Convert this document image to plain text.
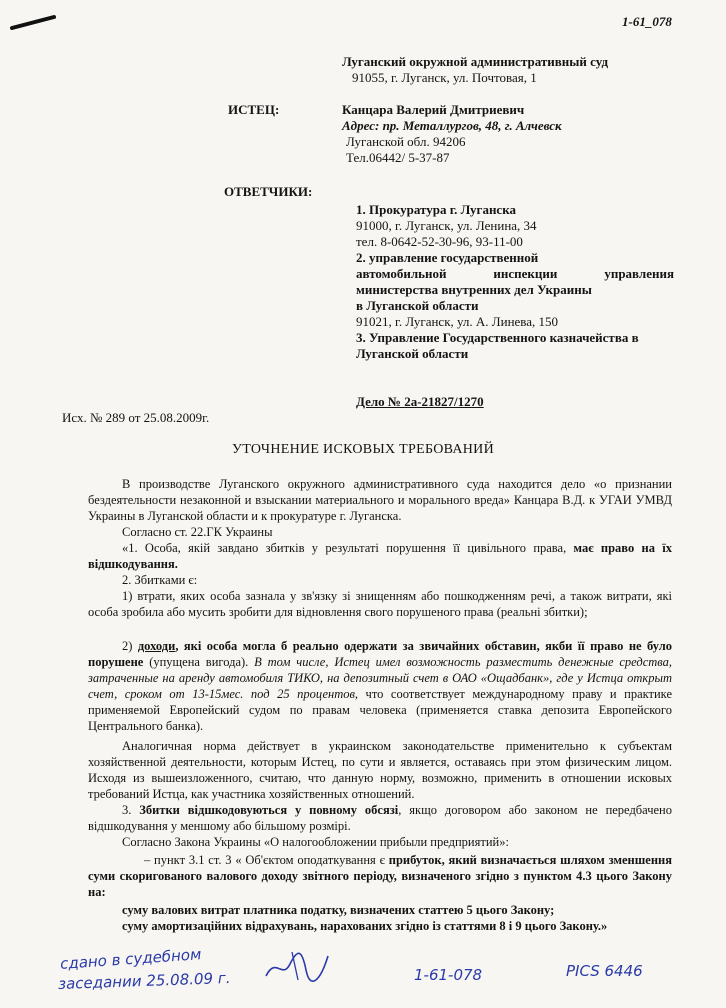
1-61_078
Луганский окружной административный суд
91055, г. Луганск, ул. Почтовая, 1
ИСТЕЦ:	Канцара Валерий Дмитриевич
Адрес: пр. Металлургов, 48, г. Алчевск
Луганской обл. 94206
Тел.06442/ 5-37-87
ОТВЕТЧИКИ:
1. Прокуратура г. Луганска
91000, г. Луганск, ул. Ленина, 34
тел. 8-0642-52-30-96, 93-11-00
2. управление государственной
автомобильной	инспекции	управления
министерства внутренних дел Украины
в Луганской области
91021, г. Луганск, ул. А. Линева, 150
3. Управление Государственного казначейства в
Луганской области
Дело № 2а-21827/1270
Исх. № 289 от 25.08.2009г.
УТОЧНЕНИЕ ИСКОВЫХ ТРЕБОВАНИЙ
В производстве Луганского окружного административного суда находится дело «о признании бездеятельности незаконной и взыскании материального и морального вреда» Канцара В.Д. к УГАИ УМВД Украины в Луганской области и к прокуратуре г. Луганска.
Согласно ст. 22.ГК Украины
«1. Особа, якій завдано збитків у результаті порушення її цивільного права, має право на їх відшкодування.
2. Збитками є:
1) втрати, яких особа зазнала у зв'язку зі знищенням або пошкодженням речі, а також витрати, які особа зробила або мусить зробити для відновлення свого порушеного права (реальні збитки);
2) доходи, які особа могла б реально одержати за звичайних обставин, якби її право не було порушене (упущена вигода). В том числе, Истец имел возможность разместить денежные средства, затраченные на аренду автомобиля ТИКО, на депозитный счет в ОАО «Ощадбанк», где у Истца открыт счет, сроком от 13-15мес. под 25 процентов, что соответствует международному праву и практике применяемой Европейский судом по правам человека (применяется ставка депозита Европейского Центрального банка).
Аналогичная норма действует в украинском законодательстве применительно к субъектам хозяйственной деятельности, которым Истец, по сути и является, оставаясь при этом физическим лицом. Исходя из вышеизложенного, считаю, что данную норму, возможно, применить в отношении исковых требований Истца, как участника хозяйственных отношений.
3. Збитки відшкодовуються у повному обсязі, якщо договором або законом не передбачено відшкодування у меншому або більшому розмірі.
Согласно Закона Украины «О налогообложении прибыли предприятий»:
– пункт 3.1 ст. 3 « Об'єктом оподаткування є прибуток, який визначається шляхом зменшення суми скоригованого валового доходу звітного періоду, визначеного згідно з пунктом 4.3 цього Закону на:
суму валових витрат платника податку, визначених статтею 5 цього Закону;
суму амортизаційних відрахувань, нарахованих згідно із статтями 8 і 9 цього Закону.»
сдано в судебном
заседании 25.08.09 г.	1-61-078	PICS 6446
